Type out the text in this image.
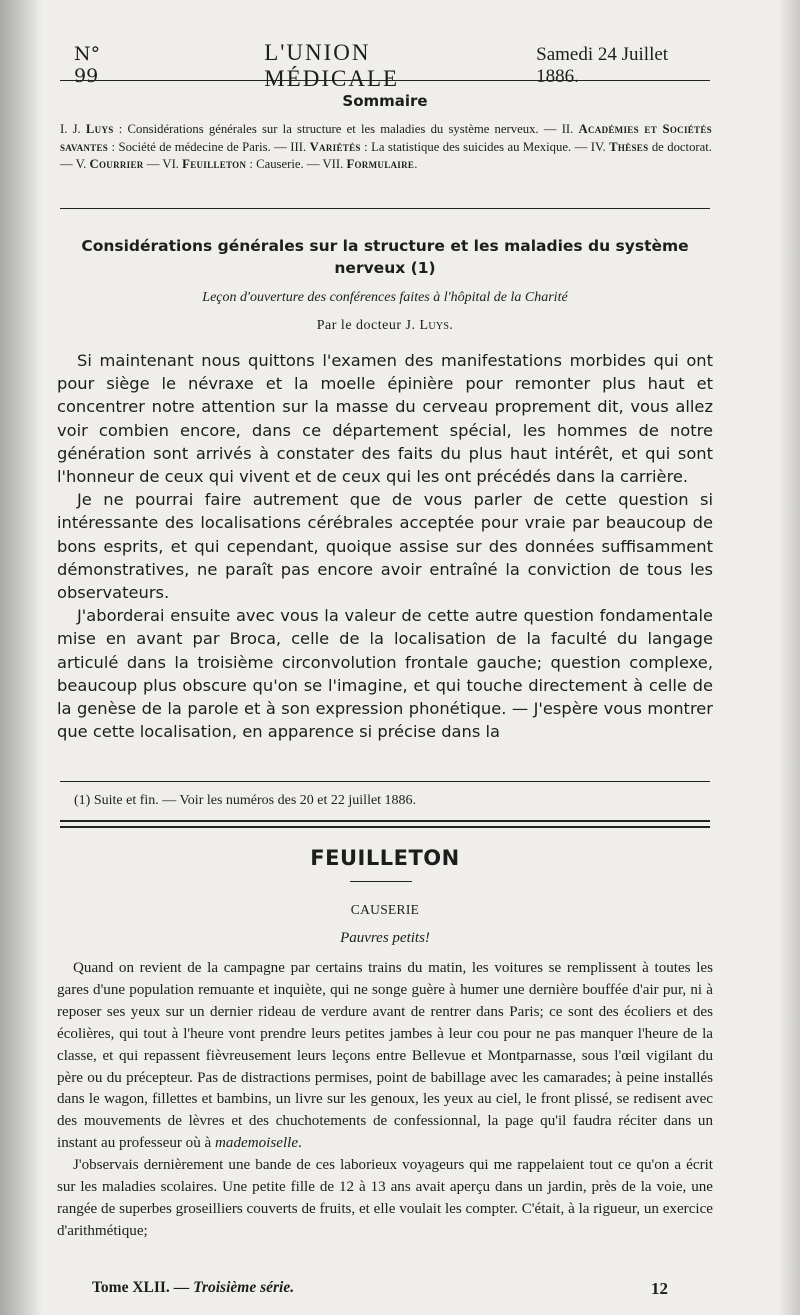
N° 99
L'UNION MÉDICALE
Samedi 24 Juillet 1886.
Sommaire
I. J. Luys : Considérations générales sur la structure et les maladies du système nerveux. — II. Académies et Sociétés savantes : Société de médecine de Paris. — III. Variétés : La statistique des suicides au Mexique. — IV. Thèses de doctorat. — V. Courrier — VI. Feuilleton : Causerie. — VII. Formulaire.
Considérations générales sur la structure et les maladies du système
nerveux (1)
Leçon d'ouverture des conférences faites à l'hôpital de la Charité
Par le docteur J. Luys.

Si maintenant nous quittons l'examen des manifestations morbides qui ont pour siège le névraxe et la moelle épinière pour remonter plus haut et concentrer notre attention sur la masse du cerveau proprement dit, vous allez voir combien encore, dans ce département spécial, les hommes de notre génération sont arrivés à constater des faits du plus haut intérêt, et qui sont l'honneur de ceux qui vivent et de ceux qui les ont précédés dans la carrière.

Je ne pourrai faire autrement que de vous parler de cette question si intéressante des localisations cérébrales acceptée pour vraie par beaucoup de bons esprits, et qui cependant, quoique assise sur des données suffisamment démonstratives, ne paraît pas encore avoir entraîné la conviction de tous les observateurs.

J'aborderai ensuite avec vous la valeur de cette autre question fondamentale mise en avant par Broca, celle de la localisation de la faculté du langage articulé dans la troisième circonvolution frontale gauche; question complexe, beaucoup plus obscure qu'on se l'imagine, et qui touche directement à celle de la genèse de la parole et à son expression phonétique. — J'espère vous montrer que cette localisation, en apparence si précise dans la

(1) Suite et fin. — Voir les numéros des 20 et 22 juillet 1886.
FEUILLETON
CAUSERIE
Pauvres petits!

Quand on revient de la campagne par certains trains du matin, les voitures se remplissent à toutes les gares d'une population remuante et inquiète, qui ne songe guère à humer une dernière bouffée d'air pur, ni à reposer ses yeux sur un dernier rideau de verdure avant de rentrer dans Paris; ce sont des écoliers et des écolières, qui tout à l'heure vont prendre leurs petites jambes à leur cou pour ne pas manquer l'heure de la classe, et qui repassent fièvreusement leurs leçons entre Bellevue et Montparnasse, sous l'œil vigilant du père ou du précepteur. Pas de distractions permises, point de babillage avec les camarades; à peine installés dans le wagon, fillettes et bambins, un livre sur les genoux, les yeux au ciel, le front plissé, se redisent avec des mouvements de lèvres et des chuchotements de confessionnal, la page qu'il faudra réciter dans un instant au professeur où à mademoiselle.

J'observais dernièrement une bande de ces laborieux voyageurs qui me rappelaient tout ce qu'on a écrit sur les maladies scolaires. Une petite fille de 12 à 13 ans avait aperçu dans un jardin, près de la voie, une rangée de superbes groseilliers couverts de fruits, et elle voulait les compter. C'était, à la rigueur, un exercice d'arithmétique;

Tome XLII. — Troisième série.	12
